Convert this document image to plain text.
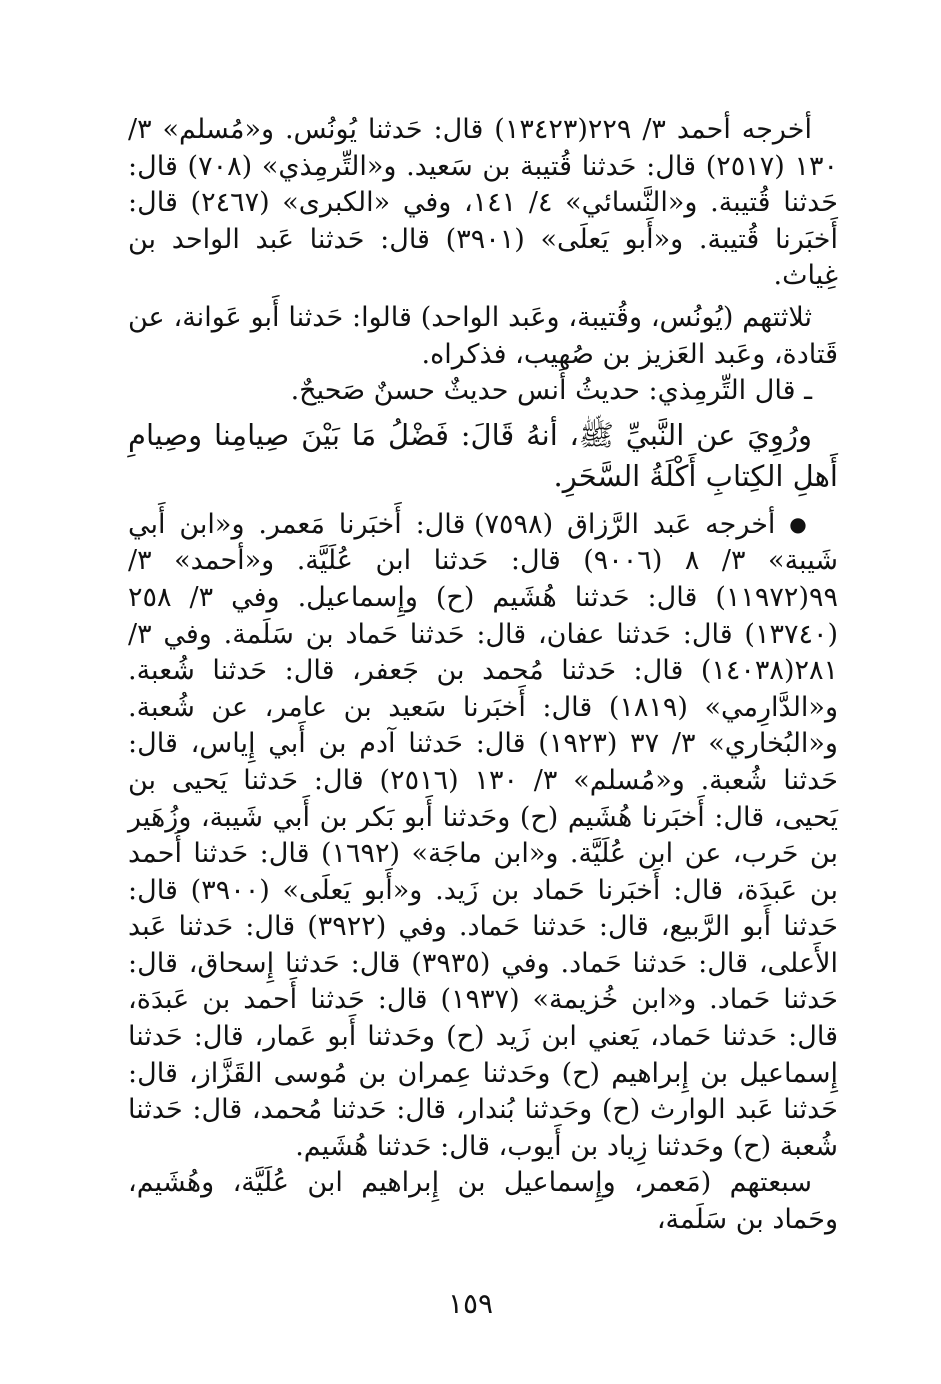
أخرجه أحمد ٣/ ٢٢٩(١٣٤٢٣) قال: حَدثنا يُونُس. و«مُسلم» ٣/ ١٣٠ (٢٥١٧) قال: حَدثنا قُتيبة بن سَعيد. و«التِّرمِذي» (٧٠٨) قال: حَدثنا قُتيبة. و«النَّسائي» ٤/ ١٤١، وفي «الكبرى» (٢٤٦٧) قال: أَخبَرنا قُتيبة. و«أَبو يَعلَى» (٣٩٠١) قال: حَدثنا عَبد الواحد بن غِياث.

ثلاثتهم (يُونُس، وقُتيبة، وعَبد الواحد) قالوا: حَدثنا أَبو عَوانة، عن قَتادة، وعَبد العَزيز بن صُهيب، فذكراه.

ـ قال التِّرمِذي: حديثُ أَنس حديثٌ حسنٌ صَحيحٌ.

ورُوِيَ عن النَّبيِّ ﷺ، أنهُ قَالَ: فَضْلُ مَا بَيْنَ صِيامِنا وصِيامِ أَهلِ الكِتابِ أَكْلَةُ السَّحَرِ.

● أخرجه عَبد الرَّزاق (٧٥٩٨) قال: أَخبَرنا مَعمر. و«ابن أَبي شَيبة» ٣/ ٨ (٩٠٠٦) قال: حَدثنا ابن عُلَيَّة. و«أحمد» ٣/ ٩٩(١١٩٧٢) قال: حَدثنا هُشَيم (ح) وإِسماعيل. وفي ٣/ ٢٥٨ (١٣٧٤٠) قال: حَدثنا عفان، قال: حَدثنا حَماد بن سَلَمة. وفي ٣/ ٢٨١(١٤٠٣٨) قال: حَدثنا مُحمد بن جَعفر، قال: حَدثنا شُعبة. و«الدَّارِمي» (١٨١٩) قال: أَخبَرنا سَعيد بن عامر، عن شُعبة. و«البُخاري» ٣/ ٣٧ (١٩٢٣) قال: حَدثنا آدم بن أَبي إِياس، قال: حَدثنا شُعبة. و«مُسلم» ٣/ ١٣٠ (٢٥١٦) قال: حَدثنا يَحيى بن يَحيى، قال: أَخبَرنا هُشَيم (ح) وحَدثنا أَبو بَكر بن أَبي شَيبة، وزُهَير بن حَرب، عن ابن عُلَيَّة. و«ابن ماجَة» (١٦٩٢) قال: حَدثنا أَحمد بن عَبدَة، قال: أَخبَرنا حَماد بن زَيد. و«أَبو يَعلَى» (٣٩٠٠) قال: حَدثنا أَبو الرَّبيع، قال: حَدثنا حَماد. وفي (٣٩٢٢) قال: حَدثنا عَبد الأَعلى، قال: حَدثنا حَماد. وفي (٣٩٣٥) قال: حَدثنا إِسحاق، قال: حَدثنا حَماد. و«ابن خُزيمة» (١٩٣٧) قال: حَدثنا أَحمد بن عَبدَة، قال: حَدثنا حَماد، يَعني ابن زَيد (ح) وحَدثنا أَبو عَمار، قال: حَدثنا إِسماعيل بن إِبراهيم (ح) وحَدثنا عِمران بن مُوسى القَزَّاز، قال: حَدثنا عَبد الوارث (ح) وحَدثنا بُندار، قال: حَدثنا مُحمد، قال: حَدثنا شُعبة (ح) وحَدثنا زِياد بن أَيوب، قال: حَدثنا هُشَيم.

سبعتهم (مَعمر، وإِسماعيل بن إِبراهيم ابن عُلَيَّة، وهُشَيم، وحَماد بن سَلَمة،

١٥٩
